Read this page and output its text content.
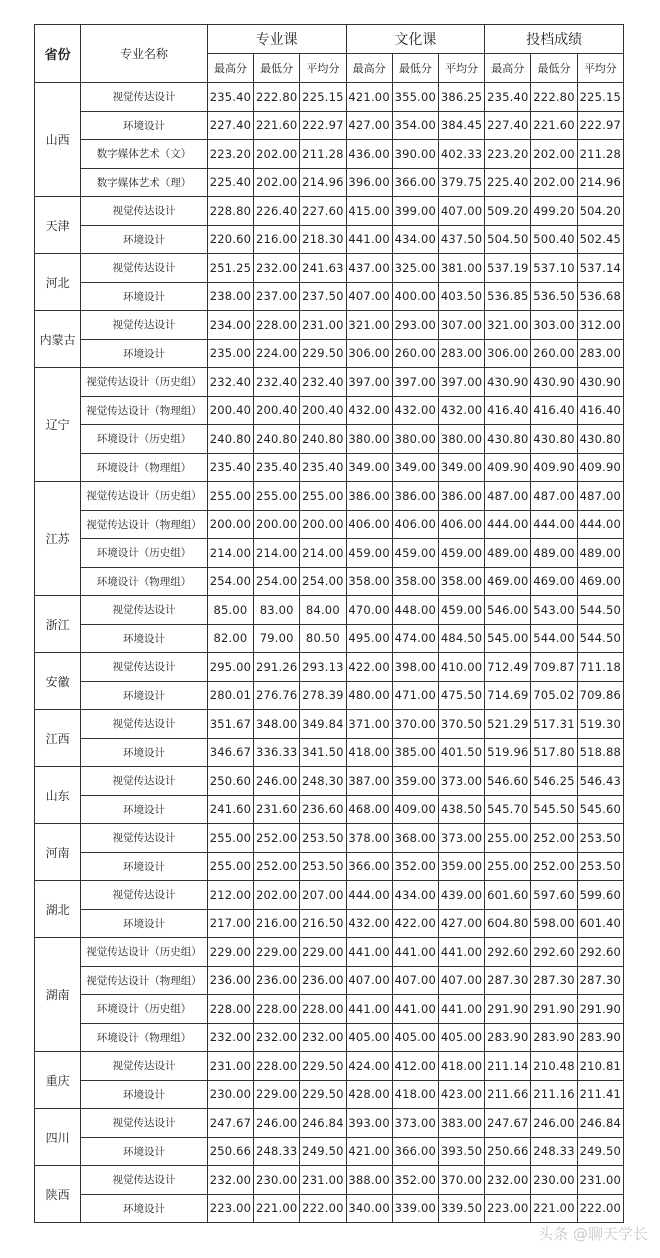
省份	专业名称	专业课			文化课			投档成绩		
		最高分	最低分	平均分	最高分	最低分	平均分	最高分	最低分	平均分
山西	视觉传达设计	235.40	222.80	225.15	421.00	355.00	386.25	235.40	222.80	225.15
	环境设计	227.40	221.60	222.97	427.00	354.00	384.45	227.40	221.60	222.97
	数字媒体艺术（文）	223.20	202.00	211.28	436.00	390.00	402.33	223.20	202.00	211.28
	数字媒体艺术（理）	225.40	202.00	214.96	396.00	366.00	379.75	225.40	202.00	214.96
天津	视觉传达设计	228.80	226.40	227.60	415.00	399.00	407.00	509.20	499.20	504.20
	环境设计	220.60	216.00	218.30	441.00	434.00	437.50	504.50	500.40	502.45
河北	视觉传达设计	251.25	232.00	241.63	437.00	325.00	381.00	537.19	537.10	537.14
	环境设计	238.00	237.00	237.50	407.00	400.00	403.50	536.85	536.50	536.68
内蒙古	视觉传达设计	234.00	228.00	231.00	321.00	293.00	307.00	321.00	303.00	312.00
	环境设计	235.00	224.00	229.50	306.00	260.00	283.00	306.00	260.00	283.00
辽宁	视觉传达设计（历史组）	232.40	232.40	232.40	397.00	397.00	397.00	430.90	430.90	430.90
	视觉传达设计（物理组）	200.40	200.40	200.40	432.00	432.00	432.00	416.40	416.40	416.40
	环境设计（历史组）	240.80	240.80	240.80	380.00	380.00	380.00	430.80	430.80	430.80
	环境设计（物理组）	235.40	235.40	235.40	349.00	349.00	349.00	409.90	409.90	409.90
江苏	视觉传达设计（历史组）	255.00	255.00	255.00	386.00	386.00	386.00	487.00	487.00	487.00
	视觉传达设计（物理组）	200.00	200.00	200.00	406.00	406.00	406.00	444.00	444.00	444.00
	环境设计（历史组）	214.00	214.00	214.00	459.00	459.00	459.00	489.00	489.00	489.00
	环境设计（物理组）	254.00	254.00	254.00	358.00	358.00	358.00	469.00	469.00	469.00
浙江	视觉传达设计	85.00	83.00	84.00	470.00	448.00	459.00	546.00	543.00	544.50
	环境设计	82.00	79.00	80.50	495.00	474.00	484.50	545.00	544.00	544.50
安徽	视觉传达设计	295.00	291.26	293.13	422.00	398.00	410.00	712.49	709.87	711.18
	环境设计	280.01	276.76	278.39	480.00	471.00	475.50	714.69	705.02	709.86
江西	视觉传达设计	351.67	348.00	349.84	371.00	370.00	370.50	521.29	517.31	519.30
	环境设计	346.67	336.33	341.50	418.00	385.00	401.50	519.96	517.80	518.88
山东	视觉传达设计	250.60	246.00	248.30	387.00	359.00	373.00	546.60	546.25	546.43
	环境设计	241.60	231.60	236.60	468.00	409.00	438.50	545.70	545.50	545.60
河南	视觉传达设计	255.00	252.00	253.50	378.00	368.00	373.00	255.00	252.00	253.50
	环境设计	255.00	252.00	253.50	366.00	352.00	359.00	255.00	252.00	253.50
湖北	视觉传达设计	212.00	202.00	207.00	444.00	434.00	439.00	601.60	597.60	599.60
	环境设计	217.00	216.00	216.50	432.00	422.00	427.00	604.80	598.00	601.40
湖南	视觉传达设计（历史组）	229.00	229.00	229.00	441.00	441.00	441.00	292.60	292.60	292.60
	视觉传达设计（物理组）	236.00	236.00	236.00	407.00	407.00	407.00	287.30	287.30	287.30
	环境设计（历史组）	228.00	228.00	228.00	441.00	441.00	441.00	291.90	291.90	291.90
	环境设计（物理组）	232.00	232.00	232.00	405.00	405.00	405.00	283.90	283.90	283.90
重庆	视觉传达设计	231.00	228.00	229.50	424.00	412.00	418.00	211.14	210.48	210.81
	环境设计	230.00	229.00	229.50	428.00	418.00	423.00	211.66	211.16	211.41
四川	视觉传达设计	247.67	246.00	246.84	393.00	373.00	383.00	247.67	246.00	246.84
	环境设计	250.66	248.33	249.50	421.00	366.00	393.50	250.66	248.33	249.50
陕西	视觉传达设计	232.00	230.00	231.00	388.00	352.00	370.00	232.00	230.00	231.00
	环境设计	223.00	221.00	222.00	340.00	339.00	339.50	223.00	221.00	222.00
头条 @聊天学长
